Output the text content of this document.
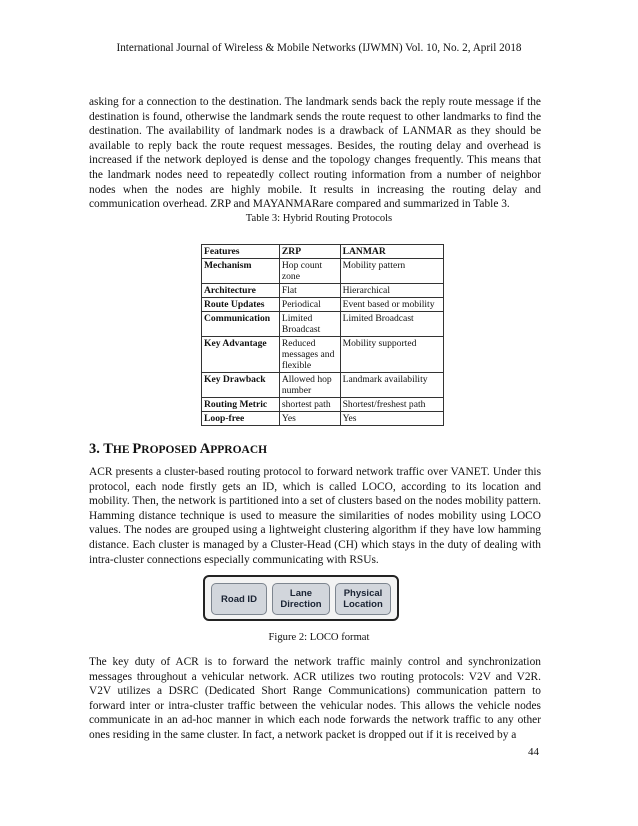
International Journal of Wireless & Mobile Networks (IJWMN) Vol. 10, No. 2, April 2018

asking for a connection to the destination. The landmark sends back the reply route message if the destination is found, otherwise the landmark sends the route request to other landmarks to find the destination. The availability of landmark nodes is a drawback of LANMAR as they should be available to reply back the route request messages. Besides, the routing delay and overhead is increased if the network deployed is dense and the topology changes frequently. This means that the landmark nodes need to repeatedly collect routing information from a number of neighbor nodes when the nodes are highly mobile. It results in increasing the routing delay and communication overhead. ZRP and MAYANMARare compared and summarized in Table 3.

Table 3: Hybrid Routing Protocols
Features	ZRP	LANMAR
Mechanism	Hop count zone	Mobility pattern
Architecture	Flat	Hierarchical
Route Updates	Periodical	Event based or mobility
Communication	Limited Broadcast	Limited Broadcast
Key Advantage	Reduced messages and flexible	Mobility supported
Key Drawback	Allowed hop number	Landmark availability
Routing Metric	shortest path	Shortest/freshest path
Loop-free	Yes	Yes
3. THE PROPOSED APPROACH

ACR presents a cluster-based routing protocol to forward network traffic over VANET. Under this protocol, each node firstly gets an ID, which is called LOCO, according to its location and mobility. Then, the network is partitioned into a set of clusters based on the nodes mobility pattern. Hamming distance technique is used to measure the similarities of nodes mobility using LOCO values. The nodes are grouped using a lightweight clustering algorithm if they have low hamming distance. Each cluster is managed by a Cluster-Head (CH) which stays in the duty of dealing with intra-cluster connections especially communicating with RSUs.

Road ID	Lane
Direction
Physical
Location
Figure 2: LOCO format

The key duty of ACR is to forward the network traffic mainly control and synchronization messages throughout a vehicular network. ACR utilizes two routing protocols: V2V and V2R. V2V utilizes a DSRC (Dedicated Short Range Communications) communication pattern to forward inter or intra-cluster traffic between the vehicular nodes. This allows the vehicle nodes communicate in an ad-hoc manner in which each node forwards the network traffic to any other ones residing in the same cluster. In fact, a network packet is dropped out if it is received by a

44
